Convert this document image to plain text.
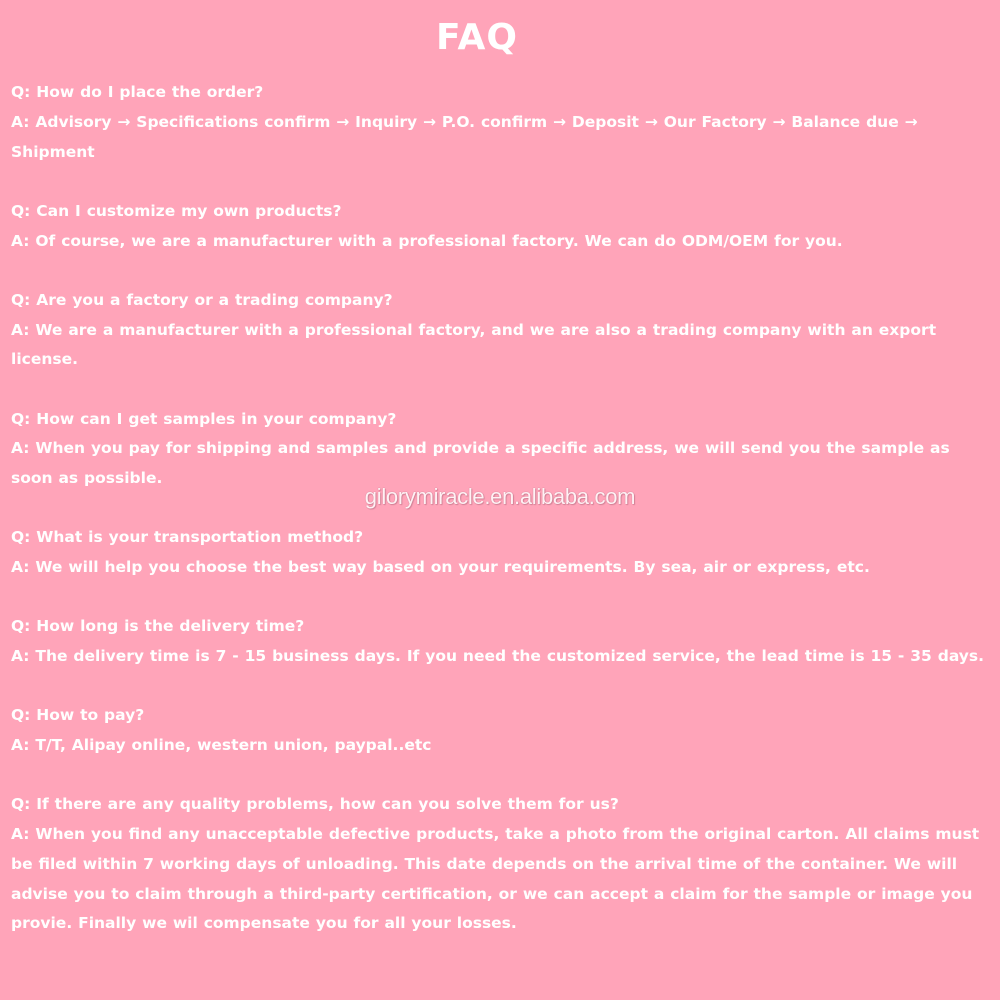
FAQ

Q: How do I place the order?

A: Advisory → Specifications confirm → Inquiry → P.O. confirm → Deposit → Our Factory → Balance due → Shipment

Q: Can I customize my own products?

A: Of course, we are a manufacturer with a professional factory. We can do ODM/OEM for you.

Q: Are you a factory or a trading company?

A: We are a manufacturer with a professional factory, and we are also a trading company with an export license.

Q: How can I get samples in your company?

A: When you pay for shipping and samples and provide a specific address, we will send you the sample as soon as possible.

Q: What is your transportation method?

A: We will help you choose the best way based on your requirements. By sea, air or express, etc.

Q: How long is the delivery time?

A: The delivery time is 7 - 15 business days. If you need the customized service, the lead time is 15 - 35 days.

Q: How to pay?

A: T/T, Alipay online, western union, paypal..etc

Q: If there are any quality problems, how can you solve them for us?

A: When you find any unacceptable defective products, take a photo from the original carton. All claims must be filed within 7 working days of unloading. This date depends on the arrival time of the container. We will advise you to claim through a third-party certification, or we can accept a claim for the sample or image you provie. Finally we wil compensate you for all your losses.

gilorymiracle.en.alibaba.com
